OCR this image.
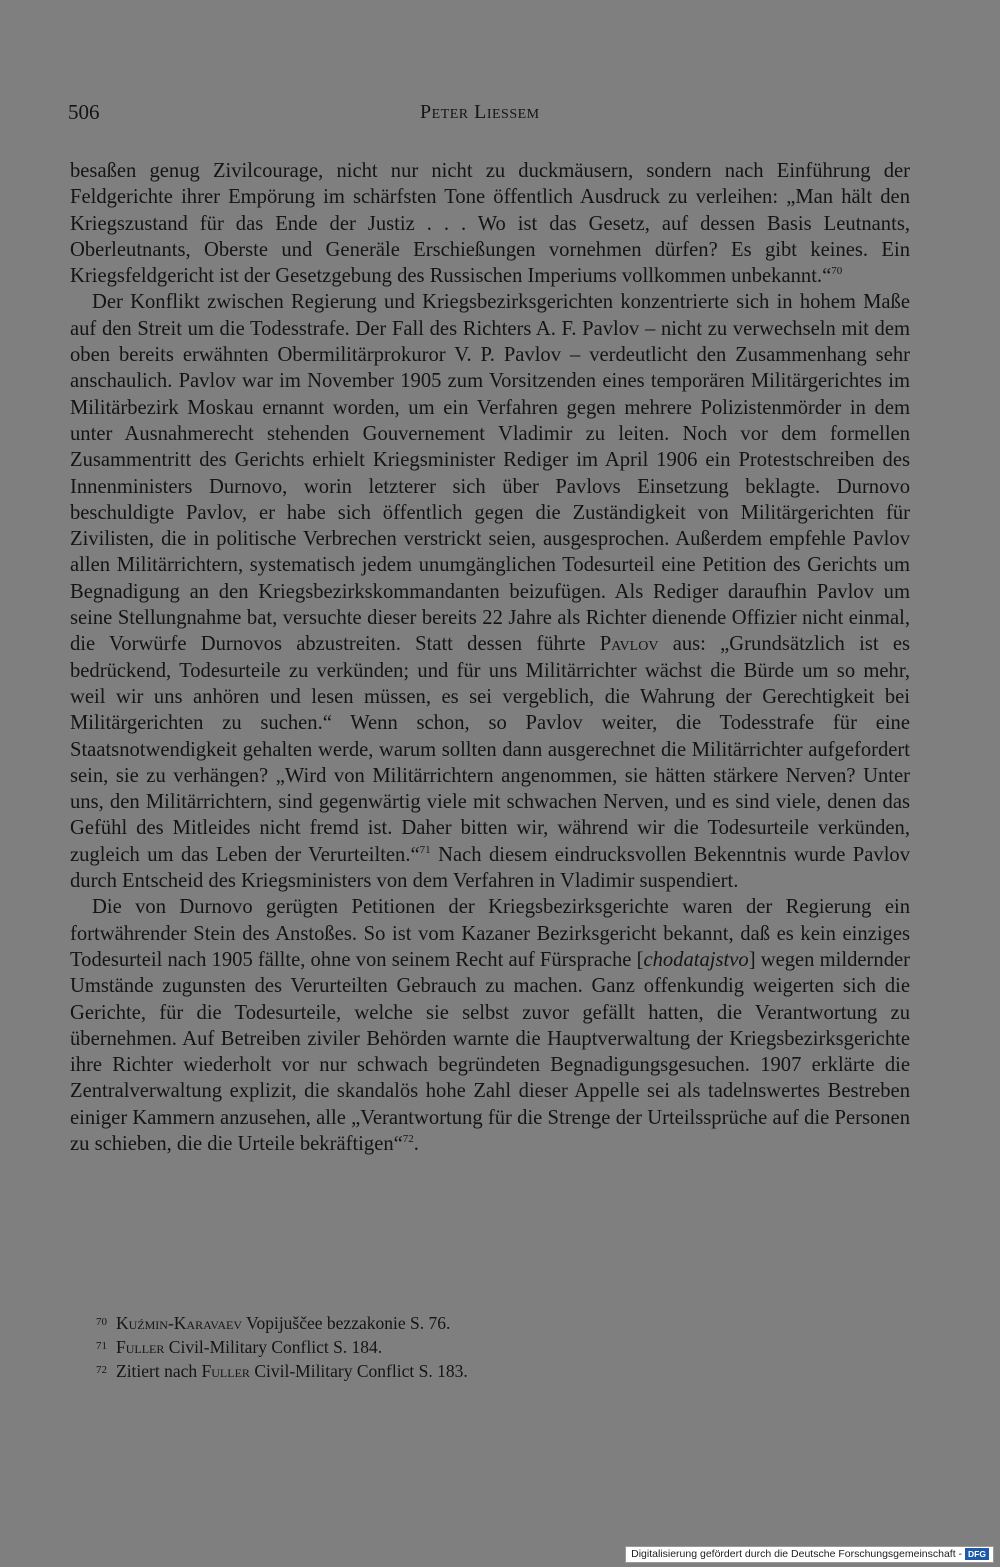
506	Peter Liessem

besaßen genug Zivilcourage, nicht nur nicht zu duckmäusern, sondern nach Einführung der Feldgerichte ihrer Empörung im schärfsten Tone öffentlich Ausdruck zu verleihen: „Man hält den Kriegszustand für das Ende der Justiz . . . Wo ist das Gesetz, auf dessen Basis Leutnants, Oberleutnants, Oberste und Generäle Erschießungen vornehmen dürfen? Es gibt keines. Ein Kriegsfeldgericht ist der Gesetzgebung des Russischen Imperiums vollkommen unbekannt.“$^{70}$

Der Konflikt zwischen Regierung und Kriegsbezirksgerichten konzentrierte sich in hohem Maße auf den Streit um die Todesstrafe. Der Fall des Richters A. F. Pavlov – nicht zu verwechseln mit dem oben bereits erwähnten Obermilitärprokuror V. P. Pavlov – verdeutlicht den Zusammenhang sehr anschaulich. Pavlov war im November 1905 zum Vorsitzenden eines temporären Militärgerichtes im Militärbezirk Moskau ernannt worden, um ein Verfahren gegen mehrere Polizistenmörder in dem unter Ausnahmerecht stehenden Gouvernement Vladimir zu leiten. Noch vor dem formellen Zusammentritt des Gerichts erhielt Kriegsminister Rediger im April 1906 ein Protestschreiben des Innenministers Durnovo, worin letzterer sich über Pavlovs Einsetzung beklagte. Durnovo beschuldigte Pavlov, er habe sich öffentlich gegen die Zuständigkeit von Militärgerichten für Zivilisten, die in politische Verbrechen verstrickt seien, ausgesprochen. Außerdem empfehle Pavlov allen Militärrichtern, systematisch jedem unumgänglichen Todesurteil eine Petition des Gerichts um Begnadigung an den Kriegsbezirkskommandanten beizufügen. Als Rediger daraufhin Pavlov um seine Stellungnahme bat, versuchte dieser bereits 22 Jahre als Richter dienende Offizier nicht einmal, die Vorwürfe Durnovos abzustreiten. Statt dessen führte Pavlov aus: „Grundsätzlich ist es bedrückend, Todesurteile zu verkünden; und für uns Militärrichter wächst die Bürde um so mehr, weil wir uns anhören und lesen müssen, es sei vergeblich, die Wahrung der Gerechtigkeit bei Militärgerichten zu suchen.“ Wenn schon, so Pavlov weiter, die Todesstrafe für eine Staatsnotwendigkeit gehalten werde, warum sollten dann ausgerechnet die Militärrichter aufgefordert sein, sie zu verhängen? „Wird von Militärrichtern angenommen, sie hätten stärkere Nerven? Unter uns, den Militärrichtern, sind gegenwärtig viele mit schwachen Nerven, und es sind viele, denen das Gefühl des Mitleides nicht fremd ist. Daher bitten wir, während wir die Todesurteile verkünden, zugleich um das Leben der Verurteilten.“$^{71}$ Nach diesem eindrucksvollen Bekenntnis wurde Pavlov durch Entscheid des Kriegsministers von dem Verfahren in Vladimir suspendiert.

Die von Durnovo gerügten Petitionen der Kriegsbezirksgerichte waren der Regierung ein fortwährender Stein des Anstoßes. So ist vom Kazaner Bezirksgericht bekannt, daß es kein einziges Todesurteil nach 1905 fällte, ohne von seinem Recht auf Fürsprache [chodatajstvo] wegen mildernder Umstände zugunsten des Verurteilten Gebrauch zu machen. Ganz offenkundig weigerten sich die Gerichte, für die Todesurteile, welche sie selbst zuvor gefällt hatten, die Verantwortung zu übernehmen. Auf Betreiben ziviler Behörden warnte die Hauptverwaltung der Kriegsbezirksgerichte ihre Richter wiederholt vor nur schwach begründeten Begnadigungsgesuchen. 1907 erklärte die Zentralverwaltung explizit, die skandalös hohe Zahl dieser Appelle sei als tadelnswertes Bestreben einiger Kammern anzusehen, alle „Verantwortung für die Strenge der Urteilssprüche auf die Personen zu schieben, die die Urteile bekräftigen“$^{72}$.

70 Kuźmin-Karavaev Vopijuščee bezzakonie S. 76.
71 Fuller Civil-Military Conflict S. 184.
72 Zitiert nach Fuller Civil-Military Conflict S. 183.
Digitalisierung gefördert durch die Deutsche Forschungsgemeinschaft - DFG
